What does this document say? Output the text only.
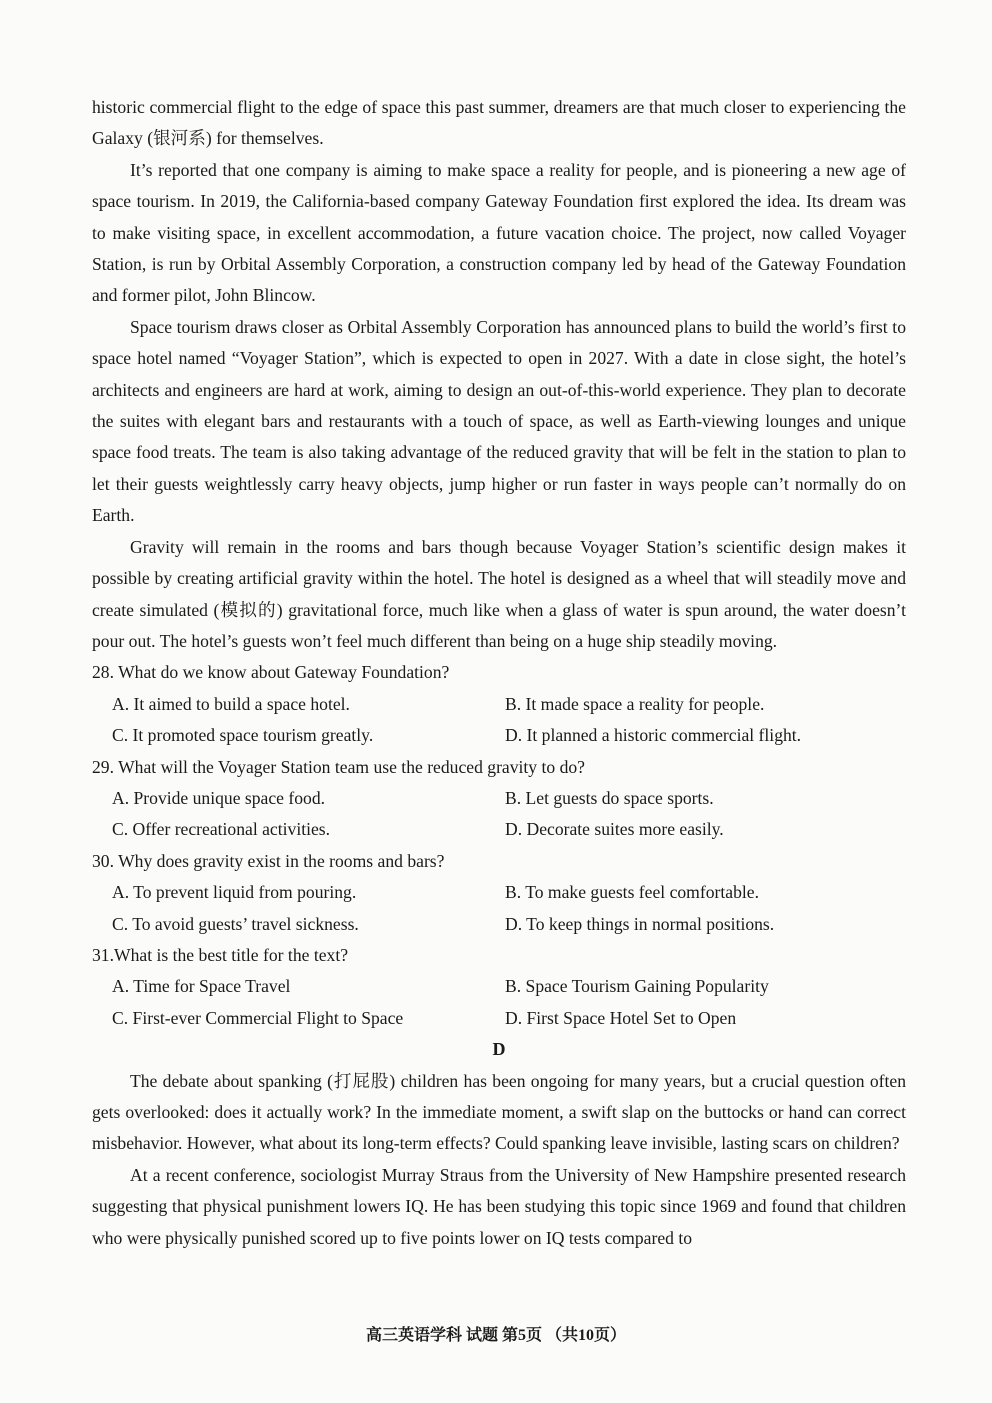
historic commercial flight to the edge of space this past summer, dreamers are that much closer to experiencing the Galaxy (银河系) for themselves.

It’s reported that one company is aiming to make space a reality for people, and is pioneering a new age of space tourism. In 2019, the California-based company Gateway Foundation first explored the idea. Its dream was to make visiting space, in excellent accommodation, a future vacation choice. The project, now called Voyager Station, is run by Orbital Assembly Corporation, a construction company led by head of the Gateway Foundation and former pilot, John Blincow.

Space tourism draws closer as Orbital Assembly Corporation has announced plans to build the world’s first to space hotel named “Voyager Station”, which is expected to open in 2027. With a date in close sight, the hotel’s architects and engineers are hard at work, aiming to design an out-of-this-world experience. They plan to decorate the suites with elegant bars and restaurants with a touch of space, as well as Earth-viewing lounges and unique space food treats. The team is also taking advantage of the reduced gravity that will be felt in the station to plan to let their guests weightlessly carry heavy objects, jump higher or run faster in ways people can’t normally do on Earth.

Gravity will remain in the rooms and bars though because Voyager Station’s scientific design makes it possible by creating artificial gravity within the hotel. The hotel is designed as a wheel that will steadily move and create simulated (模拟的) gravitational force, much like when a glass of water is spun around, the water doesn’t pour out. The hotel’s guests won’t feel much different than being on a huge ship steadily moving.

28. What do we know about Gateway Foundation?

A. It aimed to build a space hotel.	B. It made space a reality for people.
C. It promoted space tourism greatly.	D. It planned a historic commercial flight.

29. What will the Voyager Station team use the reduced gravity to do?

A. Provide unique space food.	B. Let guests do space sports.
C. Offer recreational activities.	D. Decorate suites more easily.

30. Why does gravity exist in the rooms and bars?

A. To prevent liquid from pouring.	B. To make guests feel comfortable.
C. To avoid guests’ travel sickness.	D. To keep things in normal positions.

31.What is the best title for the text?

A. Time for Space Travel	B. Space Tourism Gaining Popularity
C. First-ever Commercial Flight to Space	D. First Space Hotel Set to Open

D

The debate about spanking (打屁股) children has been ongoing for many years, but a crucial question often gets overlooked: does it actually work? In the immediate moment, a swift slap on the buttocks or hand can correct misbehavior. However, what about its long-term effects? Could spanking leave invisible, lasting scars on children?

At a recent conference, sociologist Murray Straus from the University of New Hampshire presented research suggesting that physical punishment lowers IQ. He has been studying this topic since 1969 and found that children who were physically punished scored up to five points lower on IQ tests compared to

高三英语学科 试题 第5页 （共10页）
